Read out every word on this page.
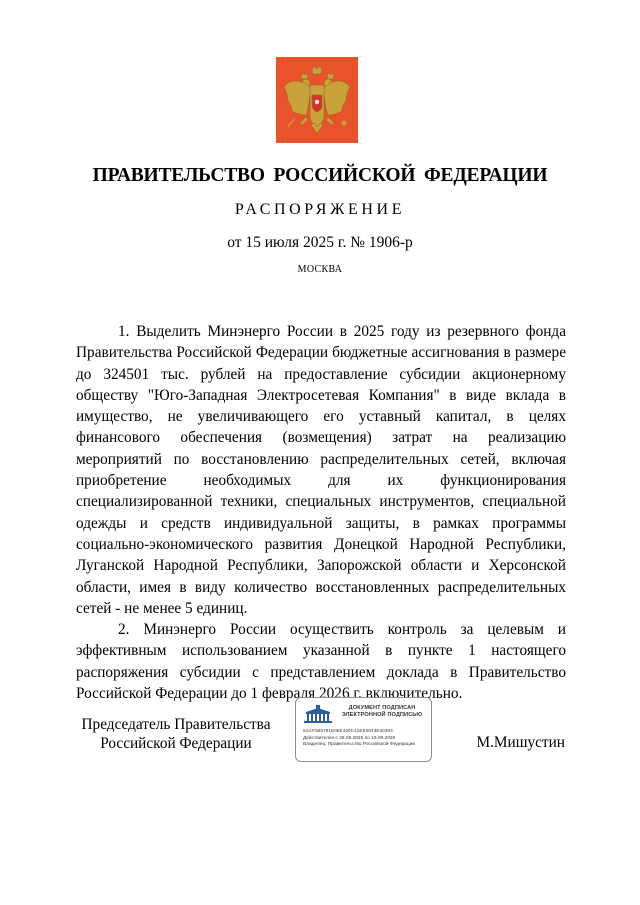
ПРАВИТЕЛЬСТВО РОССИЙСКОЙ ФЕДЕРАЦИИ
РАСПОРЯЖЕНИЕ
от 15 июля 2025 г. № 1906-р
МОСКВА

1. Выделить Минэнерго России в 2025 году из резервного фонда Правительства Российской Федерации бюджетные ассигнования в размере до 324501 тыс. рублей на предоставление субсидии акционерному обществу "Юго-Западная Электросетевая Компания" в виде вклада в имущество, не увеличивающего его уставный капитал, в целях финансового обеспечения (возмещения) затрат на реализацию мероприятий по восстановлению распределительных сетей, включая приобретение необходимых для их функционирования специализированной техники, специальных инструментов, специальной одежды и средств индивидуальной защиты, в рамках программы социально-экономического развития Донецкой Народной Республики, Луганской Народной Республики, Запорожской области и Херсонской области, имея в виду количество восстановленных распределительных сетей - не менее 5 единиц.

2. Минэнерго России осуществить контроль за целевым и эффективным использованием указанной в пункте 1 настоящего распоряжения субсидии с представлением доклада в Правительство Российской Федерации до 1 февраля 2026 г. включительно.

Председатель Правительства
Российской Федерации
ДОКУМЕНТ ПОДПИСАН
ЭЛЕКТРОННОЙ ПОДПИСЬЮ
51AFAB6781E06E420C41EE0043E30363
Действителен с 26.06.2025 по 19.09.2026
Владелец: Правительство Российской Федерации	М.Мишустин
